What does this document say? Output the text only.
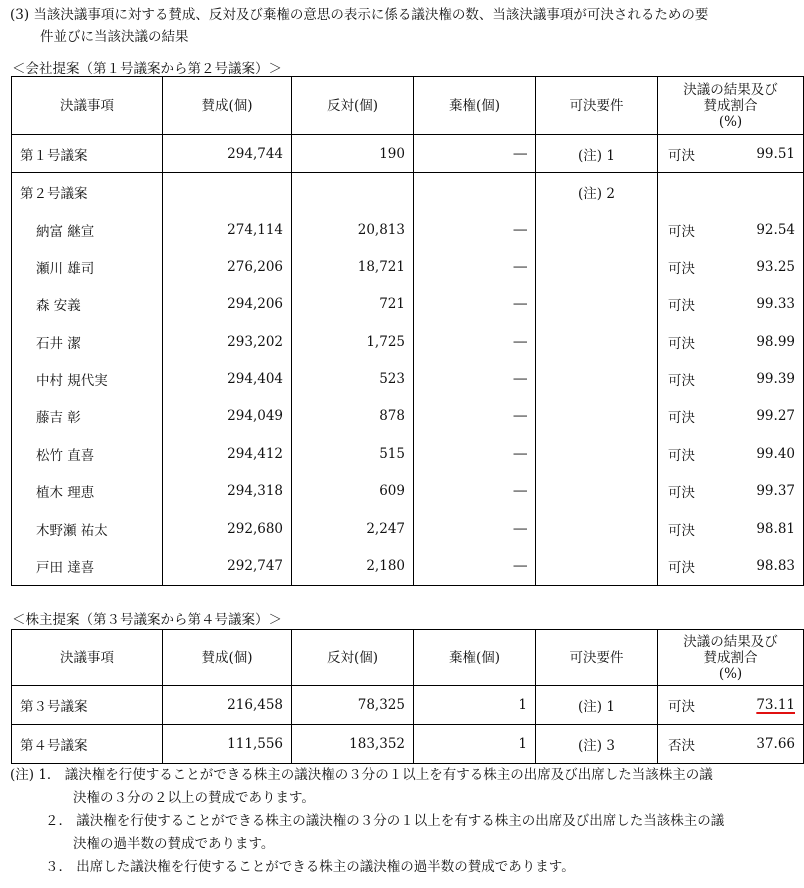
(3) 当該決議事項に対する賛成、反対及び棄権の意思の表示に係る議決権の数、当該決議事項が可決されるための要
件並びに当該決議の結果
＜会社提案（第１号議案から第２号議案）＞
決議事項	賛成(個)	反対(個)	棄権(個)	可決要件	決議の結果及び
賛成割合
(%)

第１号議案	294,744	190	―	(注) 1	可決 99.51

第２号議案				(注) 2	
納富 継宣	274,114	20,813	―		可決 92.54

瀬川 雄司	276,206	18,721	―		可決 93.25

森 安義	294,206	721	―		可決 99.33

石井 潔	293,202	1,725	―		可決 98.99

中村 規代実	294,404	523	―		可決 99.39

藤吉 彰	294,049	878	―		可決 99.27

松竹 直喜	294,412	515	―		可決 99.40

植木 理恵	294,318	609	―		可決 99.37

木野瀬 祐太	292,680	2,247	―		可決 98.81

戸田 達喜	292,747	2,180	―		可決 98.83
＜株主提案（第３号議案から第４号議案）＞
決議事項	賛成(個)	反対(個)	棄権(個)	可決要件	決議の結果及び
賛成割合
(%)

第３号議案	216,458	78,325	1	(注) 1	可決 73.11

第４号議案	111,556	183,352	1	(注) 3	否決 37.66
(注) 1． 議決権を行使することができる株主の議決権の３分の１以上を有する株主の出席及び出席した当該株主の議
決権の３分の２以上の賛成であります。
２． 議決権を行使することができる株主の議決権の３分の１以上を有する株主の出席及び出席した当該株主の議
決権の過半数の賛成であります。
３． 出席した議決権を行使することができる株主の議決権の過半数の賛成であります。
